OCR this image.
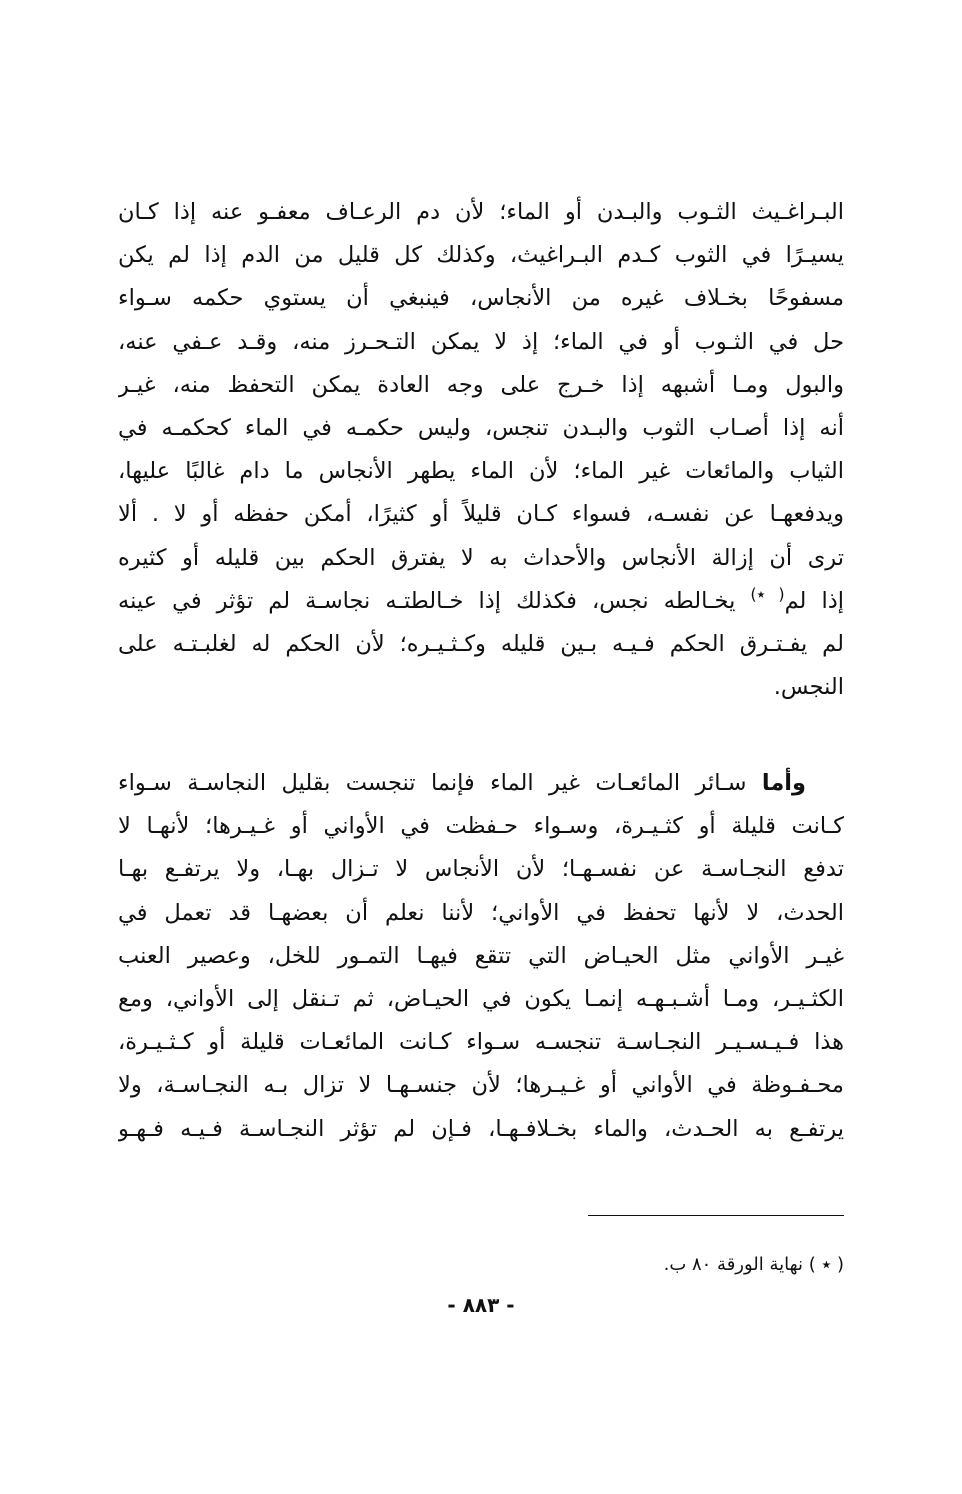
البـراغـيث الثـوب والبـدن أو الماء؛ لأن دم الرعـاف معفـو عنه إذا كـان
يسيـرًا في الثوب كـدم البـراغيث، وكذلك كل قليل من الدم إذا لم يكن
مسفوحًا بخـلاف غيره من الأنجاس، فينبغي أن يستوي حكمه سـواء
حل في الثـوب أو في الماء؛ إذ لا يمكن التـحـرز منه، وقـد عـفي عنه،
والبول ومـا أشبهه إذا خـرج على وجه العادة يمكن التحفظ منه، غيـر
أنه إذا أصـاب الثوب والبـدن تنجس، وليس حكمـه في الماء كحكمـه في
الثياب والمائعات غير الماء؛ لأن الماء يطهر الأنجاس ما دام غالبًا عليها،
ويدفعهـا عن نفسـه، فسواء كـان قليلاً أو كثيرًا، أمكن حفظه أو لا . ألا
ترى أن إزالة الأنجاس والأحداث به لا يفترق الحكم بين قليله أو كثيره
إذا لم( ٭) يخـالطه نجس، فكذلك إذا خـالطتـه نجاسـة لم تؤثر في عينه
لم يفـتـرق الحكم فـيـه بـين قليله وكـثـيـره؛ لأن الحكم له لغلبـتـه على
النجس.
وأما سـائر المائعـات غير الماء فإنما تنجست بقليل النجاسـة سـواء
كـانت قليلة أو كثـيـرة، وسـواء حـفظت في الأواني أو غـيـرها؛ لأنهـا لا
تدفع النجـاسـة عن نفسـهـا؛ لأن الأنجاس لا تـزال بهـا، ولا يرتفـع بهـا
الحدث، لا لأنها تحفظ في الأواني؛ لأننا نعلم أن بعضهـا قد تعمل في
غيـر الأواني مثل الحيـاض التي تتقع فيهـا التمـور للخل، وعصير العنب
الكثـيـر، ومـا أشـبـهـه إنمـا يكون في الحيـاض، ثم تـنقل إلى الأواني، ومع
هذا فـيـسـيـر النجـاسـة تنجسـه سـواء كـانت المائعـات قليلة أو كـثـيـرة،
محـفـوظة في الأواني أو غـيـرها؛ لأن جنسـهـا لا تزال بـه النجـاسـة، ولا
يرتفـع به الحـدث، والماء بخـلافـهـا، فـإن لم تؤثر النجـاسـة فـيـه فـهـو
( ٭ ) نهاية الورقة ٨٠ ب.
- ٨٨٣ -
